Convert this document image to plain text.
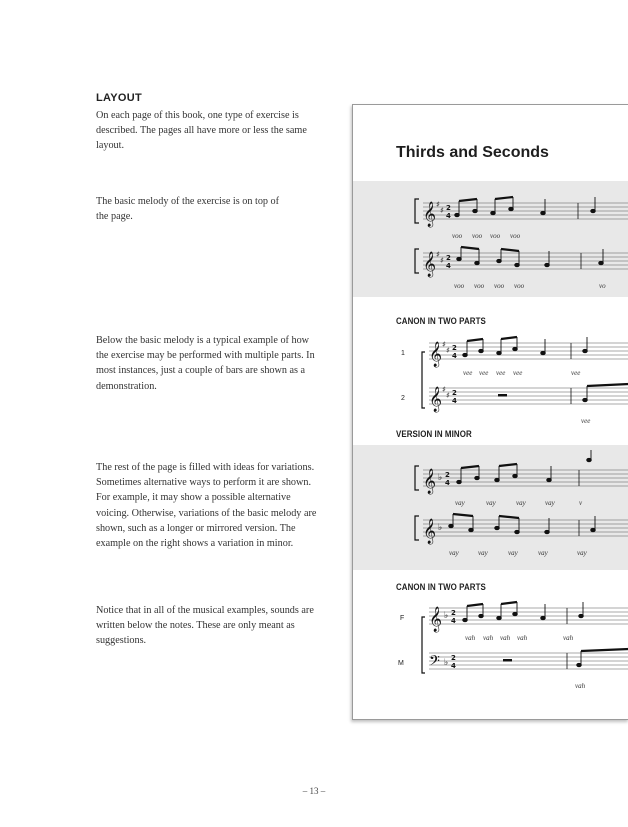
LAYOUT

On each page of this book, one type of exercise is described. The pages all have more or less the same layout.

The basic melody of the exercise is on top of the page.

Below the basic melody is a typical example of how the exercise may be performed with multiple parts. In most instances, just a couple of bars are shown as a demonstration.

The rest of the page is filled with ideas for variations. Sometimes alternative ways to perform it are shown. For example, it may show a possible alternative voicing. Otherwise, variations of the basic melody are shown, such as a longer or mirrored version. The example on the right shows a variation in minor.

Notice that in all of the musical examples, sounds are written below the notes. These are only meant as suggestions.

– 13 –
Thirds and Seconds
CANON IN TWO PARTS
VERSION IN MINOR
CANON IN TWO PARTS
𝄞 ♯
♯ 2
4
voo voo voo voo
𝄞 ♯
♯ 2
4
voo voo voo voo	vo
1 𝄞 ♯
♯ 2
4
vee vee vee vee	vee
2 𝄞 ♯
♯ 2
4
vee
𝄞 ♭ 2
4
vay	vay	vay	vay	v
𝄞 ♭
vay	vay	vay	vay	vay
F 𝄞 ♭ 2
4
vah vah vah vah	vah
M 𝄢 ♭ 2
4
vah
